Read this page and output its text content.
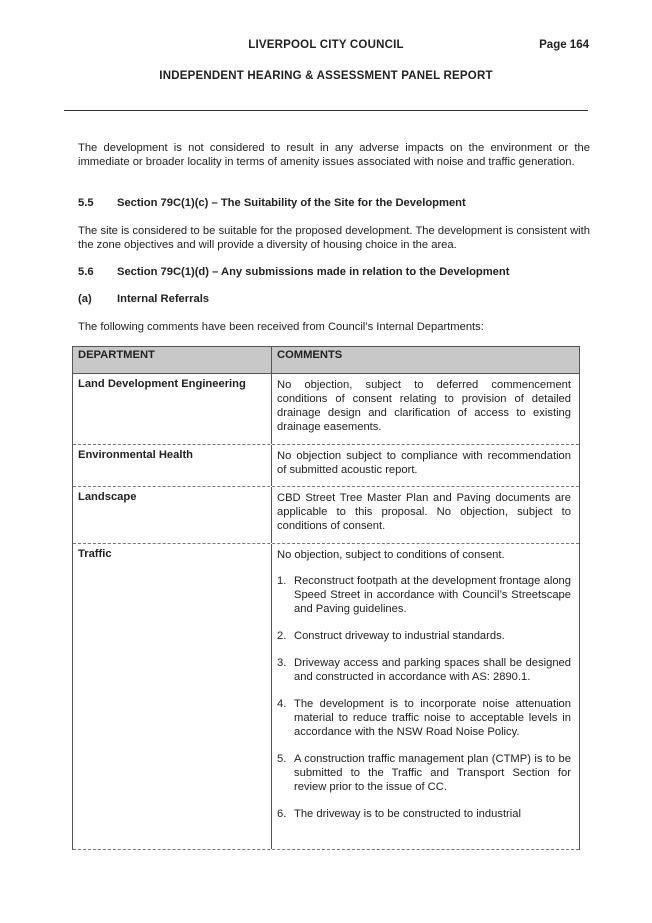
LIVERPOOL CITY COUNCIL	Page 164
INDEPENDENT HEARING & ASSESSMENT PANEL REPORT

The development is not considered to result in any adverse impacts on the environment or the immediate or broader locality in terms of amenity issues associated with noise and traffic generation.

5.5 Section 79C(1)(c) – The Suitability of the Site for the Development

The site is considered to be suitable for the proposed development. The development is consistent with the zone objectives and will provide a diversity of housing choice in the area.

5.6 Section 79C(1)(d) – Any submissions made in relation to the Development

(a) Internal Referrals

The following comments have been received from Council’s Internal Departments:

DEPARTMENT	COMMENTS
Land Development Engineering	No objection, subject to deferred commencement conditions of consent relating to provision of detailed drainage design and clarification of access to existing drainage easements.

Environmental Health	No objection subject to compliance with recommendation of submitted acoustic report.

Landscape	CBD Street Tree Master Plan and Paving documents are applicable to this proposal. No objection, subject to conditions of consent.

Traffic	No objection, subject to conditions of consent.

1. Reconstruct footpath at the development frontage along Speed Street in accordance with Council’s Streetscape and Paving guidelines.
2. Construct driveway to industrial standards.
3. Driveway access and parking spaces shall be designed and constructed in accordance with AS: 2890.1.
4. The development is to incorporate noise attenuation material to reduce traffic noise to acceptable levels in accordance with the NSW Road Noise Policy.
5. A construction traffic management plan (CTMP) is to be submitted to the Traffic and Transport Section for review prior to the issue of CC.
6. The driveway is to be constructed to industrial
